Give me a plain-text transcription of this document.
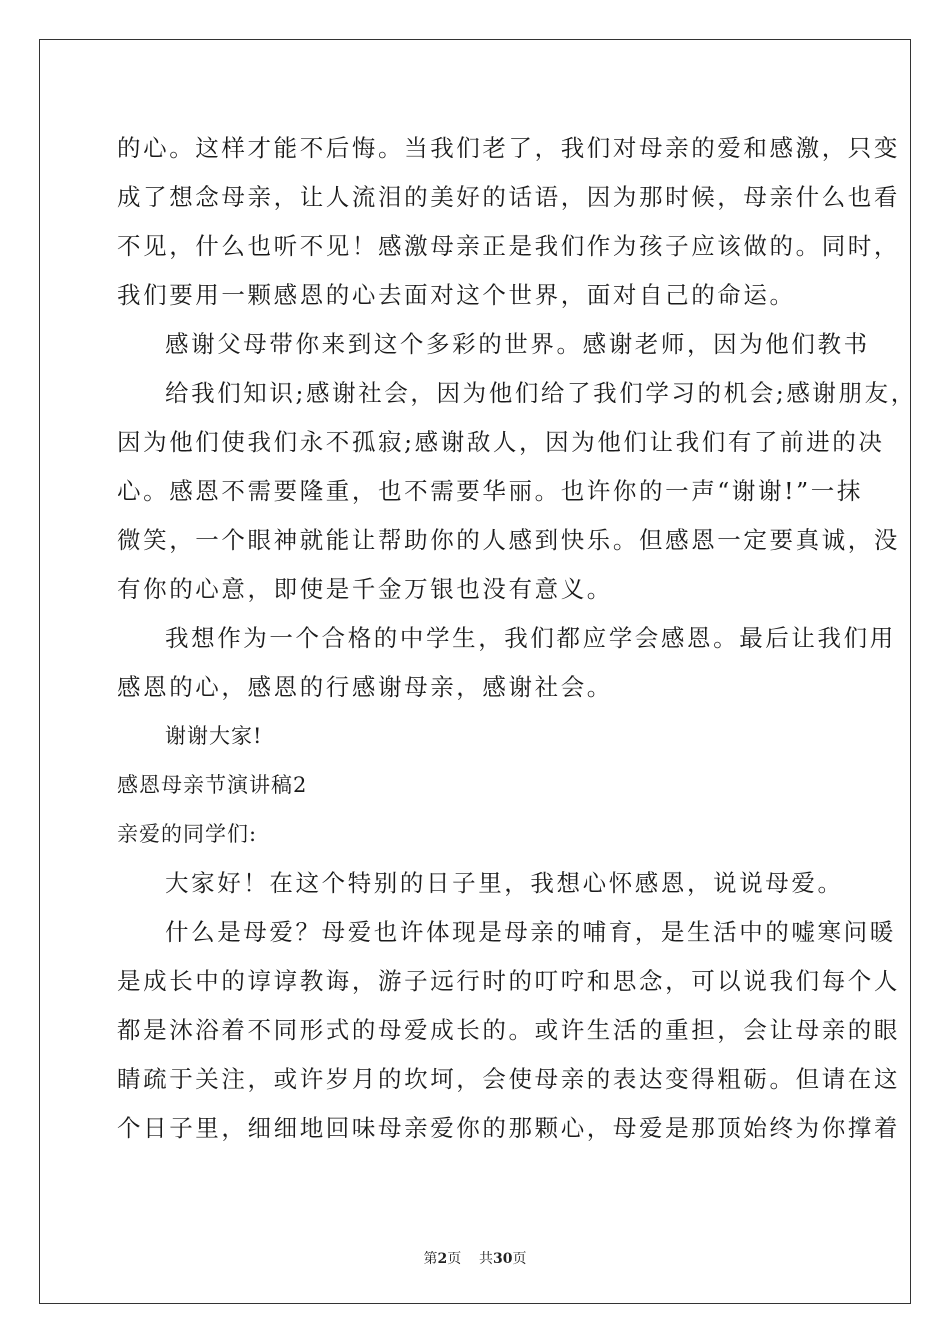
的心。这样才能不后悔。当我们老了，我们对母亲的爱和感激，只变
成了想念母亲，让人流泪的美好的话语，因为那时候，母亲什么也看
不见，什么也听不见！感激母亲正是我们作为孩子应该做的。同时，
我们要用一颗感恩的心去面对这个世界，面对自己的命运。
感谢父母带你来到这个多彩的世界。感谢老师，因为他们教书
给我们知识;感谢社会，因为他们给了我们学习的机会;感谢朋友，
因为他们使我们永不孤寂;感谢敌人，因为他们让我们有了前进的决
心。感恩不需要隆重，也不需要华丽。也许你的一声“谢谢!”一抹
微笑，一个眼神就能让帮助你的人感到快乐。但感恩一定要真诚，没
有你的心意，即使是千金万银也没有意义。
我想作为一个合格的中学生，我们都应学会感恩。最后让我们用
感恩的心，感恩的行感谢母亲，感谢社会。
谢谢大家!
感恩母亲节演讲稿2
亲爱的同学们:
大家好！在这个特别的日子里，我想心怀感恩，说说母爱。
什么是母爱？母爱也许体现是母亲的哺育，是生活中的嘘寒问暖
是成长中的谆谆教诲，游子远行时的叮咛和思念，可以说我们每个人
都是沐浴着不同形式的母爱成长的。或许生活的重担，会让母亲的眼
睛疏于关注，或许岁月的坎坷，会使母亲的表达变得粗砺。但请在这
个日子里，细细地回味母亲爱你的那颗心，母爱是那顶始终为你撑着
第2页 共30页
